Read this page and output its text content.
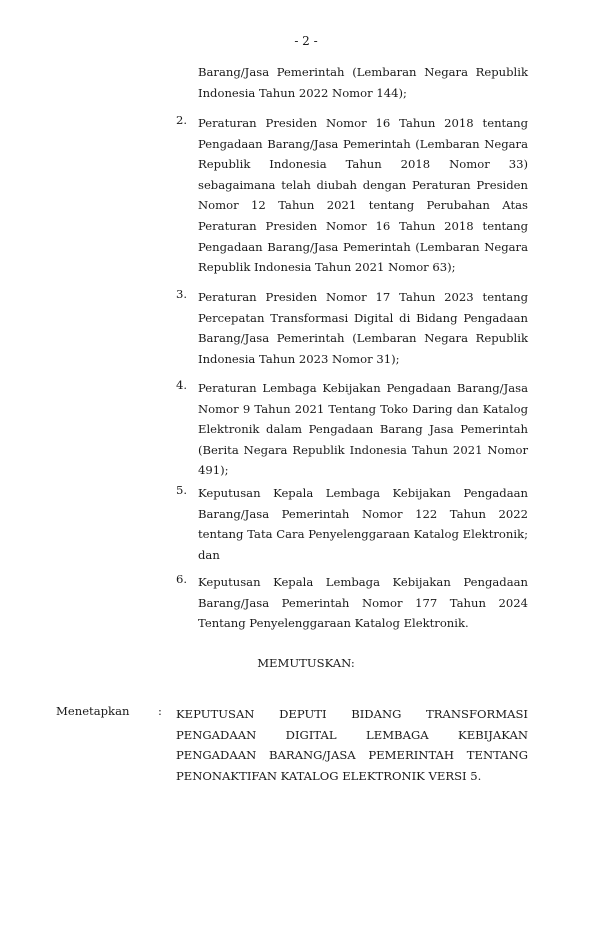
- 2 -
Barang/Jasa Pemerintah (Lembaran Negara Republik Indonesia Tahun 2022 Nomor 144);
2. Peraturan Presiden Nomor 16 Tahun 2018 tentang Pengadaan Barang/Jasa Pemerintah (Lembaran Negara Republik Indonesia Tahun 2018 Nomor 33) sebagaimana telah diubah dengan Peraturan Presiden Nomor 12 Tahun 2021 tentang Perubahan Atas Peraturan Presiden Nomor 16 Tahun 2018 tentang Pengadaan Barang/Jasa Pemerintah (Lembaran Negara Republik Indonesia Tahun 2021 Nomor 63);
3. Peraturan Presiden Nomor 17 Tahun 2023 tentang Percepatan Transformasi Digital di Bidang Pengadaan Barang/Jasa Pemerintah (Lembaran Negara Republik Indonesia Tahun 2023 Nomor 31);
4. Peraturan Lembaga Kebijakan Pengadaan Barang/Jasa Nomor 9 Tahun 2021 Tentang Toko Daring dan Katalog Elektronik dalam Pengadaan Barang Jasa Pemerintah (Berita Negara Republik Indonesia Tahun 2021 Nomor 491);
5. Keputusan Kepala Lembaga Kebijakan Pengadaan Barang/Jasa Pemerintah Nomor 122 Tahun 2022 tentang Tata Cara Penyelenggaraan Katalog Elektronik; dan
6. Keputusan Kepala Lembaga Kebijakan Pengadaan Barang/Jasa Pemerintah Nomor 177 Tahun 2024 Tentang Penyelenggaraan Katalog Elektronik.
MEMUTUSKAN:
Menetapkan : KEPUTUSAN DEPUTI BIDANG TRANSFORMASI PENGADAAN DIGITAL LEMBAGA KEBIJAKAN PENGADAAN BARANG/JASA PEMERINTAH TENTANG PENONAKTIFAN KATALOG ELEKTRONIK VERSI 5.
